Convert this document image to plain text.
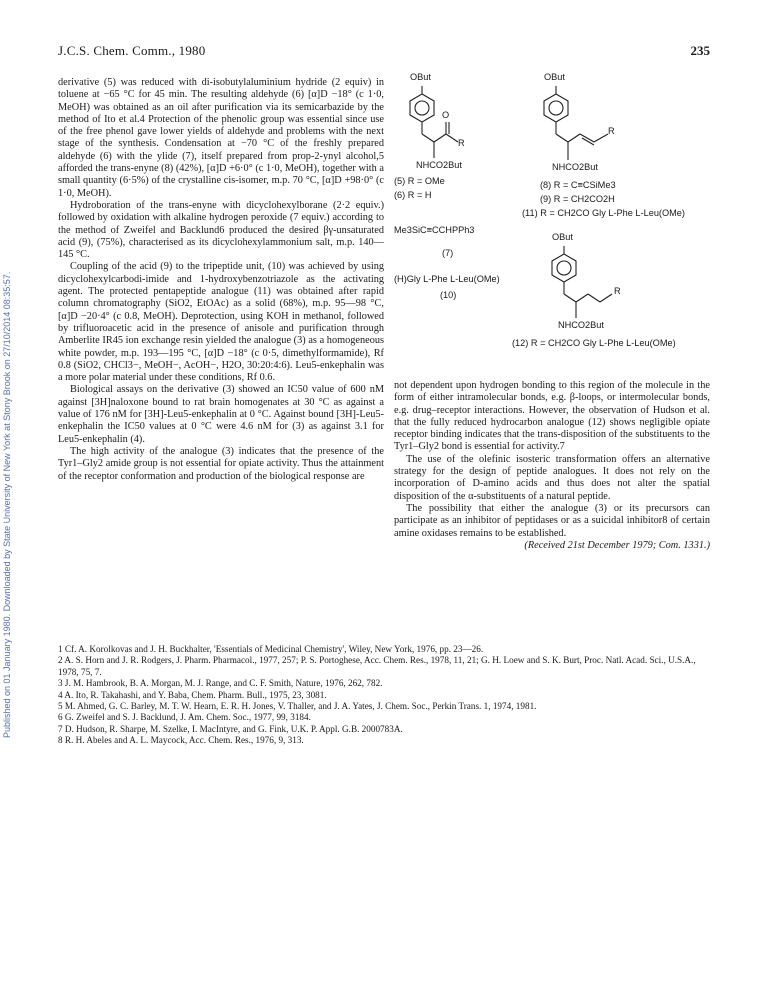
Published on 01 January 1980. Downloaded by State University of New York at Stony Brook on 27/10/2014 08:35:57.
J.C.S. Chem. Comm., 1980	235

derivative (5) was reduced with di-isobutylaluminium hydride (2 equiv) in toluene at −65 °C for 45 min. The resulting aldehyde (6) [α]D −18° (c 1·0, MeOH) was obtained as an oil after purification via its semicarbazide by the method of Ito et al.4 Protection of the phenolic group was essential since use of the free phenol gave lower yields of aldehyde and problems with the next stage of the synthesis. Condensation at −70 °C of the freshly prepared aldehyde (6) with the ylide (7), itself prepared from prop-2-ynyl alcohol,5 afforded the trans-enyne (8) (42%), [α]D +6·0° (c 1·0, MeOH), together with a small quantity (6·5%) of the crystalline cis-isomer, m.p. 70 °C, [α]D +98·0° (c 1·0, MeOH).

Hydroboration of the trans-enyne with dicyclohexylborane (2·2 equiv.) followed by oxidation with alkaline hydrogen peroxide (7 equiv.) according to the method of Zweifel and Backlund6 produced the desired βγ-unsaturated acid (9), (75%), characterised as its dicyclohexylammonium salt, m.p. 140—145 °C.

Coupling of the acid (9) to the tripeptide unit, (10) was achieved by using dicyclohexylcarbodi-imide and 1-hydroxybenzotriazole as the activating agent. The protected pentapeptide analogue (11) was obtained after rapid column chromatography (SiO2, EtOAc) as a solid (68%), m.p. 95—98 °C, [α]D −20·4° (c 0.8, MeOH). Deprotection, using KOH in methanol, followed by trifluoroacetic acid in the presence of anisole and purification through Amberlite IR45 ion exchange resin yielded the analogue (3) as a homogeneous white powder, m.p. 193—195 °C, [α]D −18° (c 0·5, dimethylformamide), Rf 0.8 (SiO2, CHCl3−, MeOH−, AcOH−, H2O, 30:20:4:6). Leu5-enkephalin was a more polar material under these conditions, Rf 0.6.

Biological assays on the derivative (3) showed an IC50 value of 600 nM against [3H]naloxone bound to rat brain homogenates at 30 °C as against a value of 176 nM for [3H]-Leu5-enkephalin at 0 °C. Against bound [3H]-Leu5-enkephalin the IC50 values at 0 °C were 4.6 nM for (3) as against 3.1 for Leu5-enkephalin (4).

The high activity of the analogue (3) indicates that the presence of the Tyr1–Gly2 amide group is not essential for opiate activity. Thus the attainment of the receptor conformation and production of the biological response are

OBut
O
R
NHCO2But
(5) R = OMe
(6) R = H
OBut
R
NHCO2But
(8) R = C≡CSiMe3
(9) R = CH2CO2H
(11) R = CH2CO Gly L-Phe L-Leu(OMe)
Me3SiC≡CCHPPh3
(7)
(H)Gly L-Phe L-Leu(OMe)
(10)
OBut
R
NHCO2But
(12) R = CH2CO Gly L-Phe L-Leu(OMe)

not dependent upon hydrogen bonding to this region of the molecule in the form of either intramolecular bonds, e.g. β-loops, or intermolecular bonds, e.g. drug–receptor interactions. However, the observation of Hudson et al. that the fully reduced hydrocarbon analogue (12) shows negligible opiate receptor binding indicates that the trans-disposition of the substituents to the Tyr1–Gly2 bond is essential for activity.7

The use of the olefinic isosteric transformation offers an alternative strategy for the design of peptide analogues. It does not rely on the incorporation of D-amino acids and thus does not alter the spatial disposition of the α-substituents of a natural peptide.

The possibility that either the analogue (3) or its precursors can participate as an inhibitor of peptidases or as a suicidal inhibitor8 of certain amine oxidases remains to be established.

(Received 21st December 1979; Com. 1331.)

1 Cf. A. Korolkovas and J. H. Buckhalter, 'Essentials of Medicinal Chemistry', Wiley, New York, 1976, pp. 23—26.

2 A. S. Horn and J. R. Rodgers, J. Pharm. Pharmacol., 1977, 257; P. S. Portoghese, Acc. Chem. Res., 1978, 11, 21; G. H. Loew and S. K. Burt, Proc. Natl. Acad. Sci., U.S.A., 1978, 75, 7.

3 J. M. Hambrook, B. A. Morgan, M. J. Range, and C. F. Smith, Nature, 1976, 262, 782.

4 A. Ito, R. Takahashi, and Y. Baba, Chem. Pharm. Bull., 1975, 23, 3081.

5 M. Ahmed, G. C. Barley, M. T. W. Hearn, E. R. H. Jones, V. Thaller, and J. A. Yates, J. Chem. Soc., Perkin Trans. 1, 1974, 1981.

6 G. Zweifel and S. J. Backlund, J. Am. Chem. Soc., 1977, 99, 3184.

7 D. Hudson, R. Sharpe, M. Szelke, I. MacIntyre, and G. Fink, U.K. P. Appl. G.B. 2000783A.

8 R. H. Abeles and A. L. Maycock, Acc. Chem. Res., 1976, 9, 313.
